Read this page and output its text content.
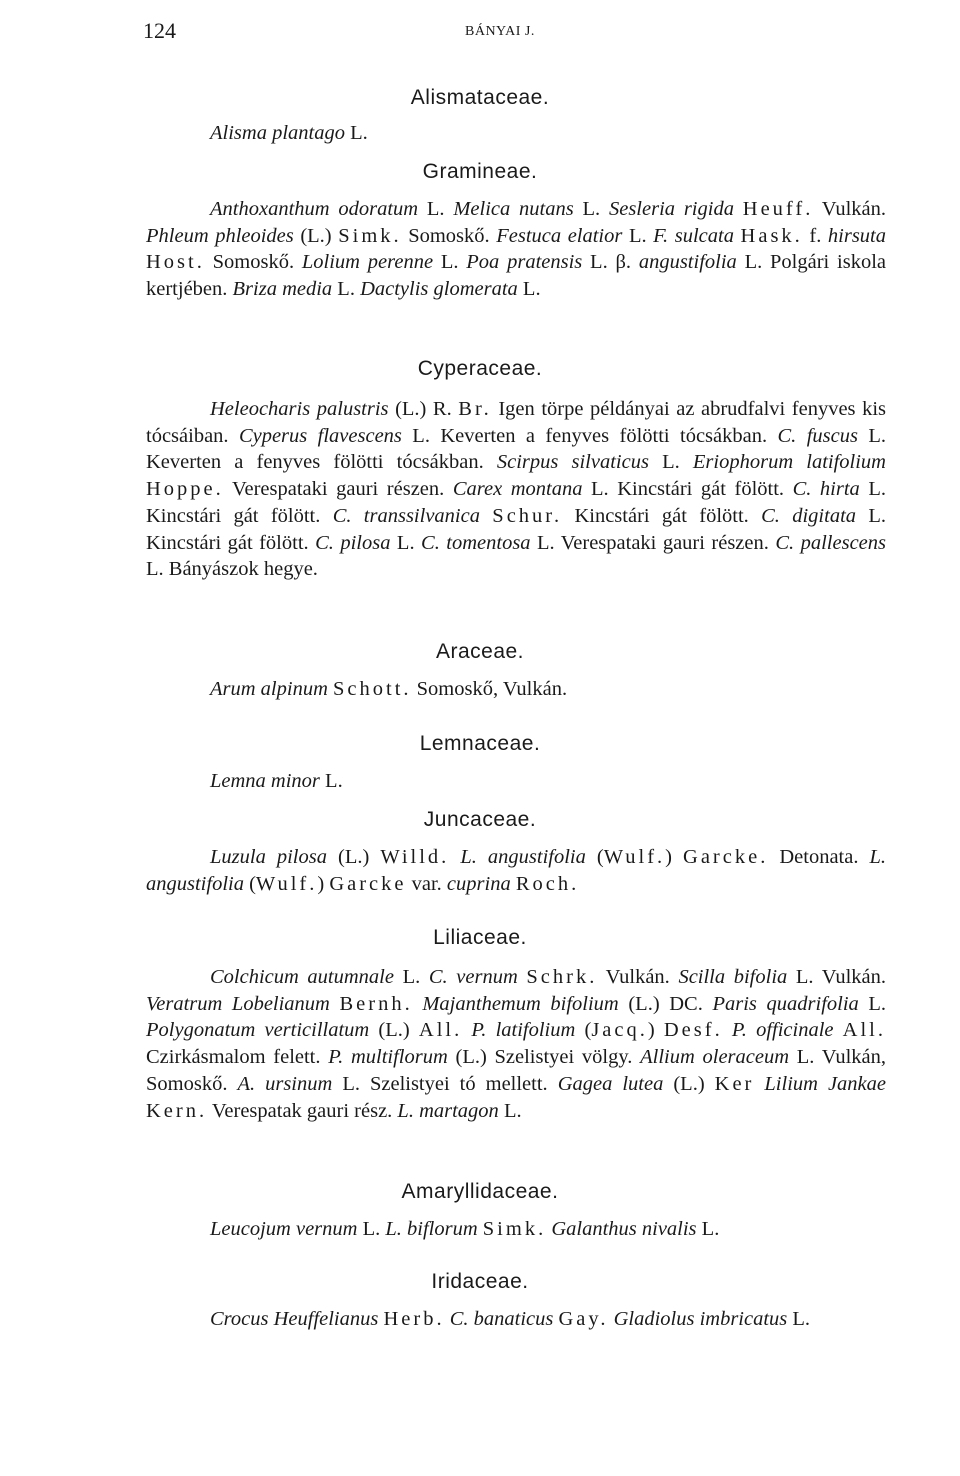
124	BÁNYAI J.
Alismataceae.
Alisma plantago L.
Gramineae.
Anthoxanthum odoratum L. Melica nutans L. Sesleria rigida Heuff. Vulkán. Phleum phleoides (L.) Simk. Somoskő. Festuca elatior L. F. sulcata Hask. f. hirsuta Host. Somoskő. Lolium perenne L. Poa pratensis L. β. angustifolia L. Polgári iskola kertjében. Briza media L. Dactylis glomerata L.
Cyperaceae.
Heleocharis palustris (L.) R. Br. Igen törpe példányai az abrudfalvi fenyves kis tócsáiban. Cyperus flavescens L. Keverten a fenyves fölötti tócsákban. C. fuscus L. Keverten a fenyves fölötti tócsákban. Scirpus silvaticus L. Eriophorum latifolium Hoppe. Verespataki gauri részen. Carex montana L. Kincstári gát fölött. C. hirta L. Kincstári gát fölött. C. transsilvanica Schur. Kincstári gát fölött. C. digitata L. Kincstári gát fölött. C. pilosa L. C. tomentosa L. Verespataki gauri részen. C. pallescens L. Bányászok hegye.
Araceae.
Arum alpinum Schott. Somoskő, Vulkán.
Lemnaceae.
Lemna minor L.
Juncaceae.
Luzula pilosa (L.) Willd. L. angustifolia (Wulf.) Garcke. Detonata. L. angustifolia (Wulf.) Garcke var. cuprina Roch.
Liliaceae.
Colchicum autumnale L. C. vernum Schrk. Vulkán. Scilla bifolia L. Vulkán. Veratrum Lobelianum Bernh. Majanthemum bifolium (L.) DC. Paris quadrifolia L. Polygonatum verticillatum (L.) All. P. latifolium (Jacq.) Desf. P. officinale All. Czirkásmalom felett. P. multiflorum (L.) Szelistyei völgy. Allium oleraceum L. Vulkán, Somoskő. A. ursinum L. Szelistyei tó mellett. Gagea lutea (L.) Ker Lilium Jankae Kern. Verespatak gauri rész. L. martagon L.
Amaryllidaceae.
Leucojum vernum L. L. biflorum Simk. Galanthus nivalis L.
Iridaceae.
Crocus Heuffelianus Herb. C. banaticus Gay. Gladiolus imbricatus L.
